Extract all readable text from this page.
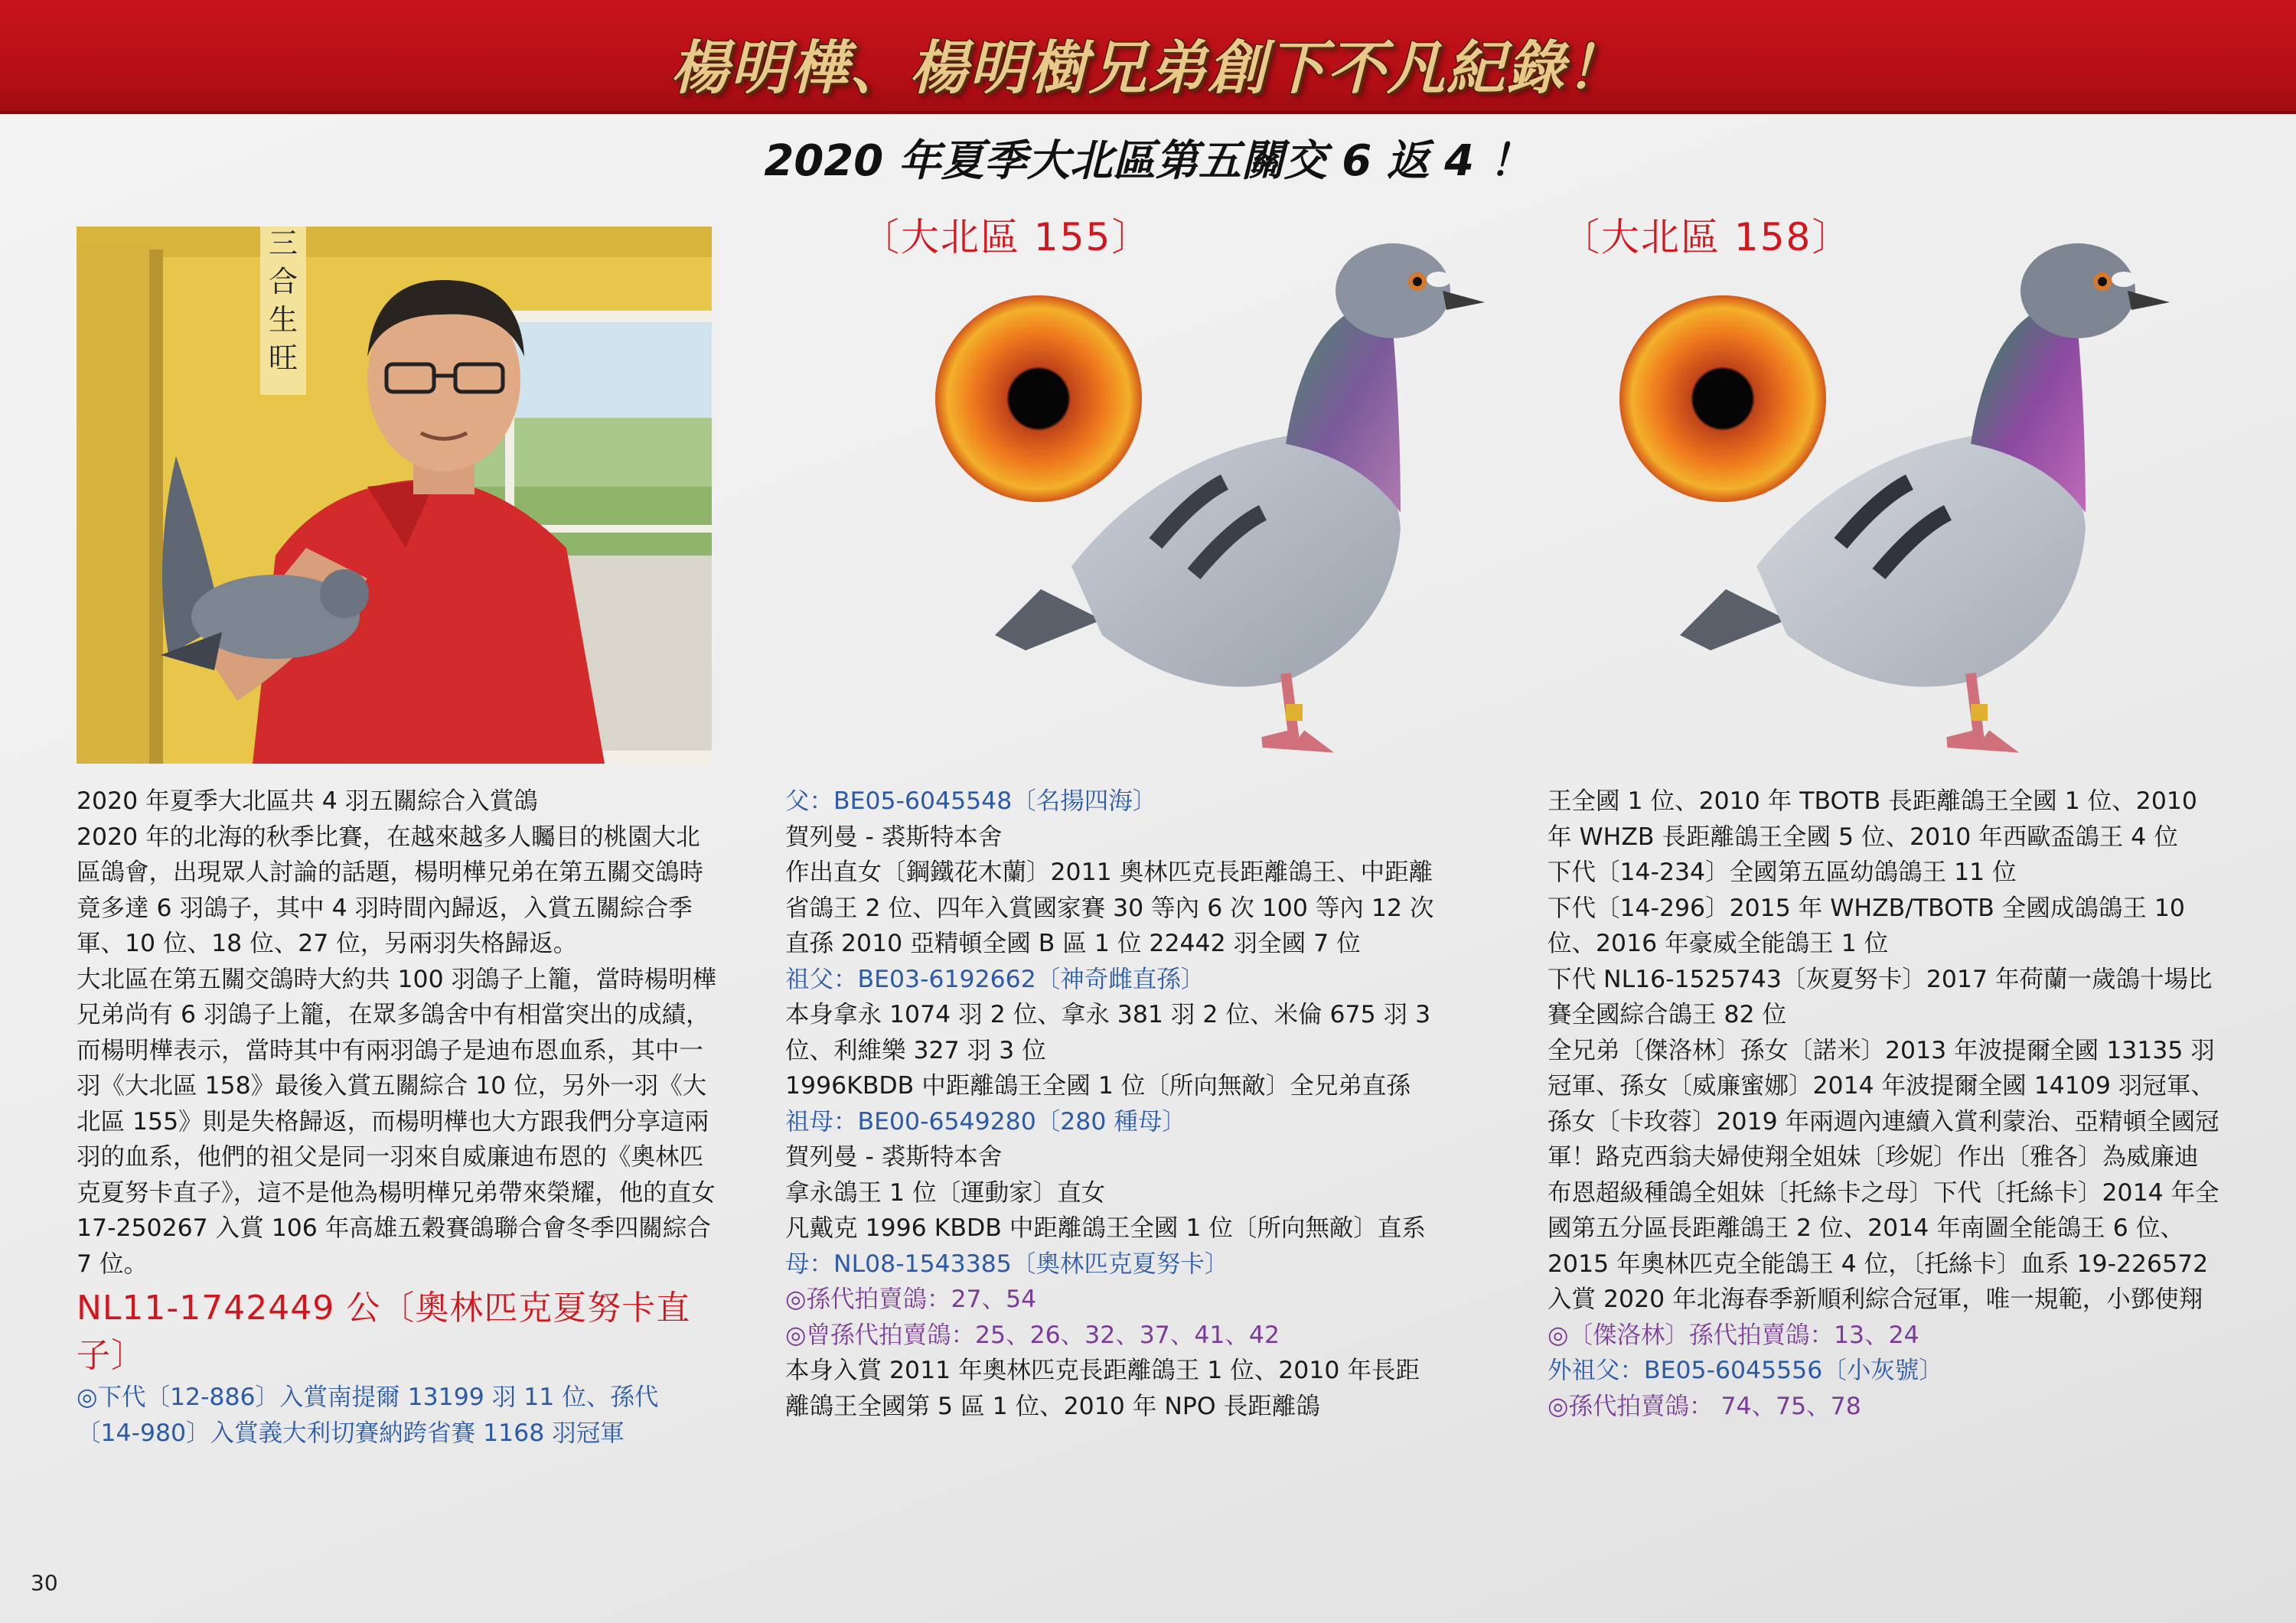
楊明樺、楊明樹兄弟創下不凡紀錄！
2020 年夏季大北區第五關交 6 返 4 ！
三
合
生
旺
〔大北區 155〕	〔大北區 158〕

2020 年夏季大北區共 4 羽五關綜合入賞鴿

2020 年的北海的秋季比賽，在越來越多人矚目的桃園大北區鴿會，出現眾人討論的話題，楊明樺兄弟在第五關交鴿時竟多達 6 羽鴿子，其中 4 羽時間內歸返，入賞五關綜合季軍、10 位、18 位、27 位，另兩羽失格歸返。

大北區在第五關交鴿時大約共 100 羽鴿子上籠，當時楊明樺兄弟尚有 6 羽鴿子上籠，在眾多鴿舍中有相當突出的成績，而楊明樺表示，當時其中有兩羽鴿子是迪布恩血系，其中一羽《大北區 158》最後入賞五關綜合 10 位，另外一羽《大北區 155》則是失格歸返，而楊明樺也大方跟我們分享這兩羽的血系，他們的祖父是同一羽來自威廉迪布恩的《奧林匹克夏努卡直子》，這不是他為楊明樺兄弟帶來榮耀，他的直女 17-250267 入賞 106 年高雄五穀賽鴿聯合會冬季四關綜合 7 位。

NL11-1742449 公〔奧林匹克夏努卡直子〕

◎下代〔12-886〕入賞南提爾 13199 羽 11 位、孫代〔14-980〕入賞義大利切賽納跨省賽 1168 羽冠軍

父：BE05-6045548〔名揚四海〕

賀列曼 - 裘斯特本舍

作出直女〔鋼鐵花木蘭〕2011 奧林匹克長距離鴿王、中距離省鴿王 2 位、四年入賞國家賽 30 等內 6 次 100 等內 12 次

直孫 2010 亞精頓全國 B 區 1 位 22442 羽全國 7 位

祖父：BE03-6192662〔神奇雌直孫〕

本身拿永 1074 羽 2 位、拿永 381 羽 2 位、米倫 675 羽 3 位、利維樂 327 羽 3 位

1996KBDB 中距離鴿王全國 1 位〔所向無敵〕全兄弟直孫

祖母：BE00-6549280〔280 種母〕

賀列曼 - 裘斯特本舍

拿永鴿王 1 位〔運動家〕直女

凡戴克 1996 KBDB 中距離鴿王全國 1 位〔所向無敵〕直系

母：NL08-1543385〔奧林匹克夏努卡〕

◎孫代拍賣鴿：27、54

◎曾孫代拍賣鴿：25、26、32、37、41、42

本身入賞 2011 年奧林匹克長距離鴿王 1 位、2010 年長距離鴿王全國第 5 區 1 位、2010 年 NPO 長距離鴿

王全國 1 位、2010 年 TBOTB 長距離鴿王全國 1 位、2010 年 WHZB 長距離鴿王全國 5 位、2010 年西歐盃鴿王 4 位

下代〔14-234〕全國第五區幼鴿鴿王 11 位

下代〔14-296〕2015 年 WHZB/TBOTB 全國成鴿鴿王 10 位、2016 年豪威全能鴿王 1 位

下代 NL16-1525743〔灰夏努卡〕2017 年荷蘭一歲鴿十場比賽全國綜合鴿王 82 位

全兄弟〔傑洛林〕孫女〔諾米〕2013 年波提爾全國 13135 羽冠軍、孫女〔威廉蜜娜〕2014 年波提爾全國 14109 羽冠軍、孫女〔卡玫蓉〕2019 年兩週內連續入賞利蒙治、亞精頓全國冠軍！路克西翁夫婦使翔全姐妹〔珍妮〕作出〔雅各〕為威廉迪布恩超級種鴿全姐妹〔托絲卡之母〕下代〔托絲卡〕2014 年全國第五分區長距離鴿王 2 位、2014 年南圖全能鴿王 6 位、2015 年奧林匹克全能鴿王 4 位，〔托絲卡〕血系 19-226572 入賞 2020 年北海春季新順利綜合冠軍，唯一規範，小鄧使翔

◎〔傑洛林〕孫代拍賣鴿：13、24

外祖父：BE05-6045556〔小灰號〕

◎孫代拍賣鴿： 74、75、78

30
